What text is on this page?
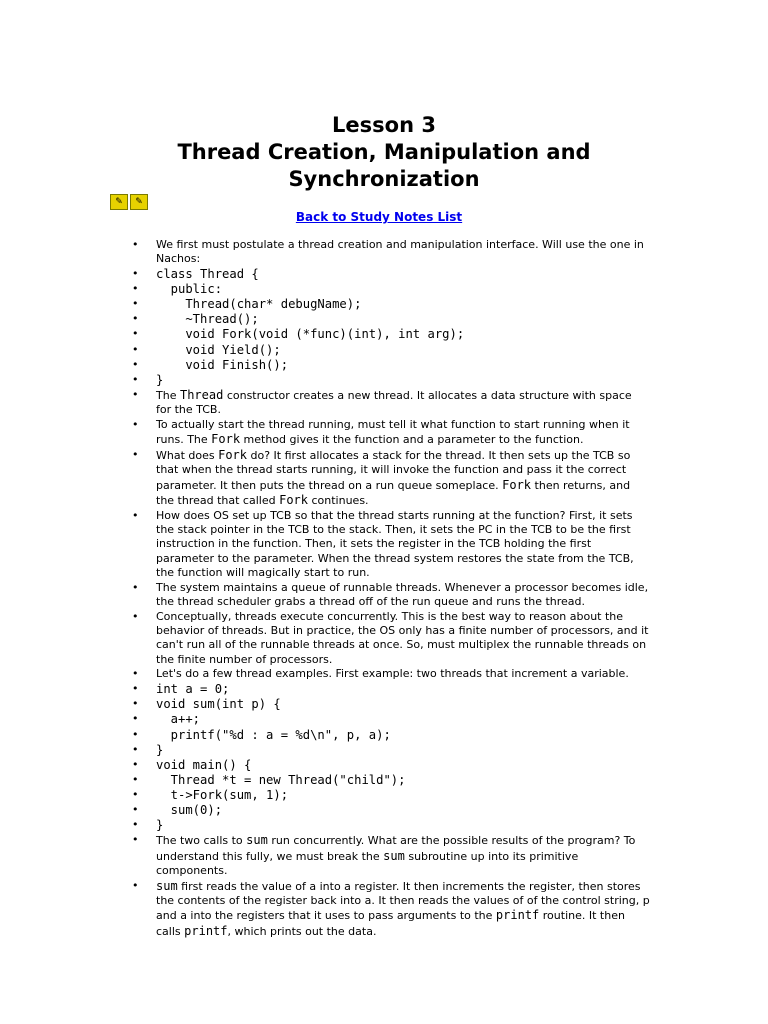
Lesson 3
Thread Creation, Manipulation and
Synchronization
✎	✎
Back to Study Notes List
• We first must postulate a thread creation and manipulation interface. Will use the one in Nachos:
• class Thread {
• public:
• Thread(char* debugName);
• ~Thread();
• void Fork(void (*func)(int), int arg);
• void Yield();
• void Finish();
• }
• The Thread constructor creates a new thread. It allocates a data structure with space for the TCB.
• To actually start the thread running, must tell it what function to start running when it runs. The Fork method gives it the function and a parameter to the function.
• What does Fork do? It first allocates a stack for the thread. It then sets up the TCB so that when the thread starts running, it will invoke the function and pass it the correct parameter. It then puts the thread on a run queue someplace. Fork then returns, and the thread that called Fork continues.
• How does OS set up TCB so that the thread starts running at the function? First, it sets the stack pointer in the TCB to the stack. Then, it sets the PC in the TCB to be the first instruction in the function. Then, it sets the register in the TCB holding the first parameter to the parameter. When the thread system restores the state from the TCB, the function will magically start to run.
• The system maintains a queue of runnable threads. Whenever a processor becomes idle, the thread scheduler grabs a thread off of the run queue and runs the thread.
• Conceptually, threads execute concurrently. This is the best way to reason about the behavior of threads. But in practice, the OS only has a finite number of processors, and it can't run all of the runnable threads at once. So, must multiplex the runnable threads on the finite number of processors.
• Let's do a few thread examples. First example: two threads that increment a variable.
• int a = 0;
• void sum(int p) {
• a++;
• printf("%d : a = %d\n", p, a);
• }
• void main() {
• Thread *t = new Thread("child");
• t->Fork(sum, 1);
• sum(0);
• }
• The two calls to sum run concurrently. What are the possible results of the program? To understand this fully, we must break the sum subroutine up into its primitive components.
• sum first reads the value of a into a register. It then increments the register, then stores the contents of the register back into a. It then reads the values of of the control string, p and a into the registers that it uses to pass arguments to the printf routine. It then calls printf, which prints out the data.
